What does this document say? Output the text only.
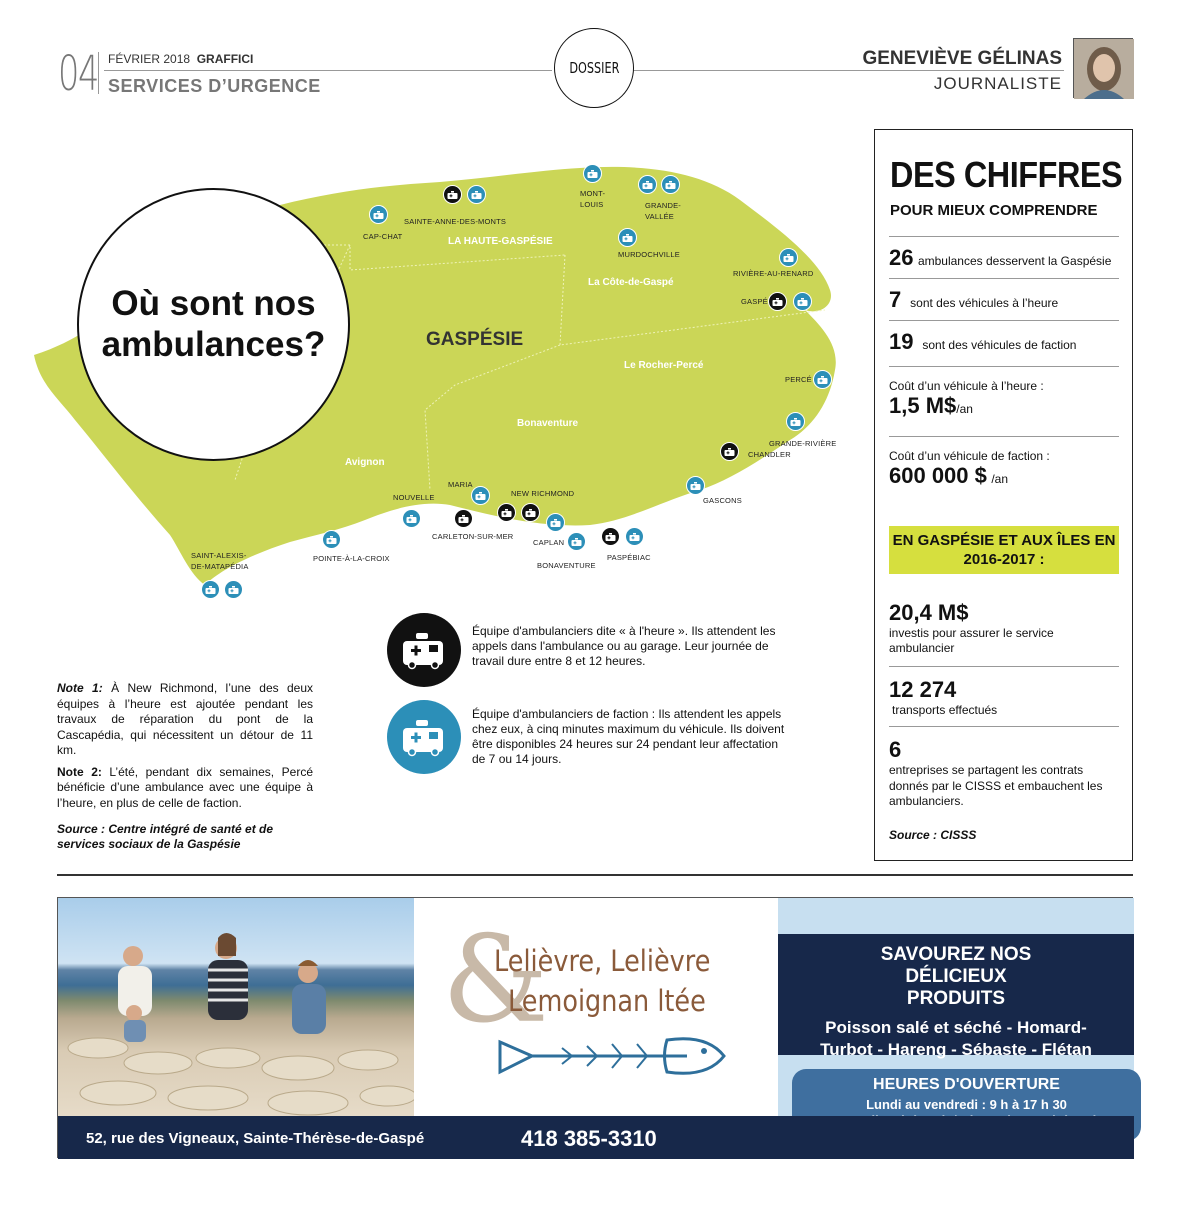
04 FÉVRIER 2018 GRAFFICI
SERVICES D’URGENCE
DOSSIER	GENEVIÈVE GÉLINAS
JOURNALISTE
Où sont nos ambulances?
LA HAUTE-GASPÉSIE
La Côte-de-Gaspé
Le Rocher-Percé
Bonaventure
Avignon
GASPÉSIE
CAP-CHAT
SAINTE-ANNE-DES-MONTS
MONT-LOUIS	GRANDE-VALLÉE
MURDOCHVILLE
RIVIÈRE-AU-RENARD
GASPÉ
PERCÉ
GRANDE-RIVIÈRE
CHANDLER
GASCONS
PASPÉBIAC
BONAVENTURE
CAPLAN
NEW RICHMOND
CARLETON-SUR-MER
MARIA
NOUVELLE
POINTE-À-LA-CROIX
SAINT-ALEXIS-DE-MATAPÉDIA
Équipe d'ambulanciers dite « à l'heure ». Ils attendent les appels dans l'ambulance ou au garage. Leur journée de travail dure entre 8 et 12 heures.
Équipe d'ambulanciers de faction : Ils attendent les appels chez eux, à cinq minutes maximum du véhicule. Ils doivent être disponibles 24 heures sur 24 pendant leur affectation de 7 ou 14 jours.

Note 1: À New Richmond, l’une des deux équipes à l’heure est ajoutée pendant les travaux de réparation du pont de la Cascapédia, qui nécessitent un détour de 11 km.

Note 2: L’été, pendant dix semaines, Percé bénéficie d’une ambulance avec une équipe à l’heure, en plus de celle de faction.

Source : Centre intégré de santé et de services sociaux de la Gaspésie
DES CHIFFRES
POUR MIEUX COMPRENDRE
26 ambulances desservent la Gaspésie
7 sont des véhicules à l’heure
19 sont des véhicules de faction
Coût d’un véhicule à l’heure :
1,5 M$/an
Coût d’un véhicule de faction :
600 000 $ /an
EN GASPÉSIE ET AUX ÎLES EN 2016-2017 :
20,4 M$
investis pour assurer le service ambulancier
12 274
transports effectués
6
entreprises se partagent les contrats donnés par le CISSS et embauchent les ambulanciers.
Source : CISSS
&
Lelièvre, Lelièvre
Lemoignan ltée
SAVOUREZ NOS DÉLICIEUX PRODUITS
Poisson salé et séché - Homard-
Turbot - Hareng - Sébaste - Flétan
HEURES D'OUVERTURE
Lundi au vendredi : 9 h à 17 h 30
52, rue des Vigneaux, Sainte-Thérèse-de-Gaspé	418 385-3310
